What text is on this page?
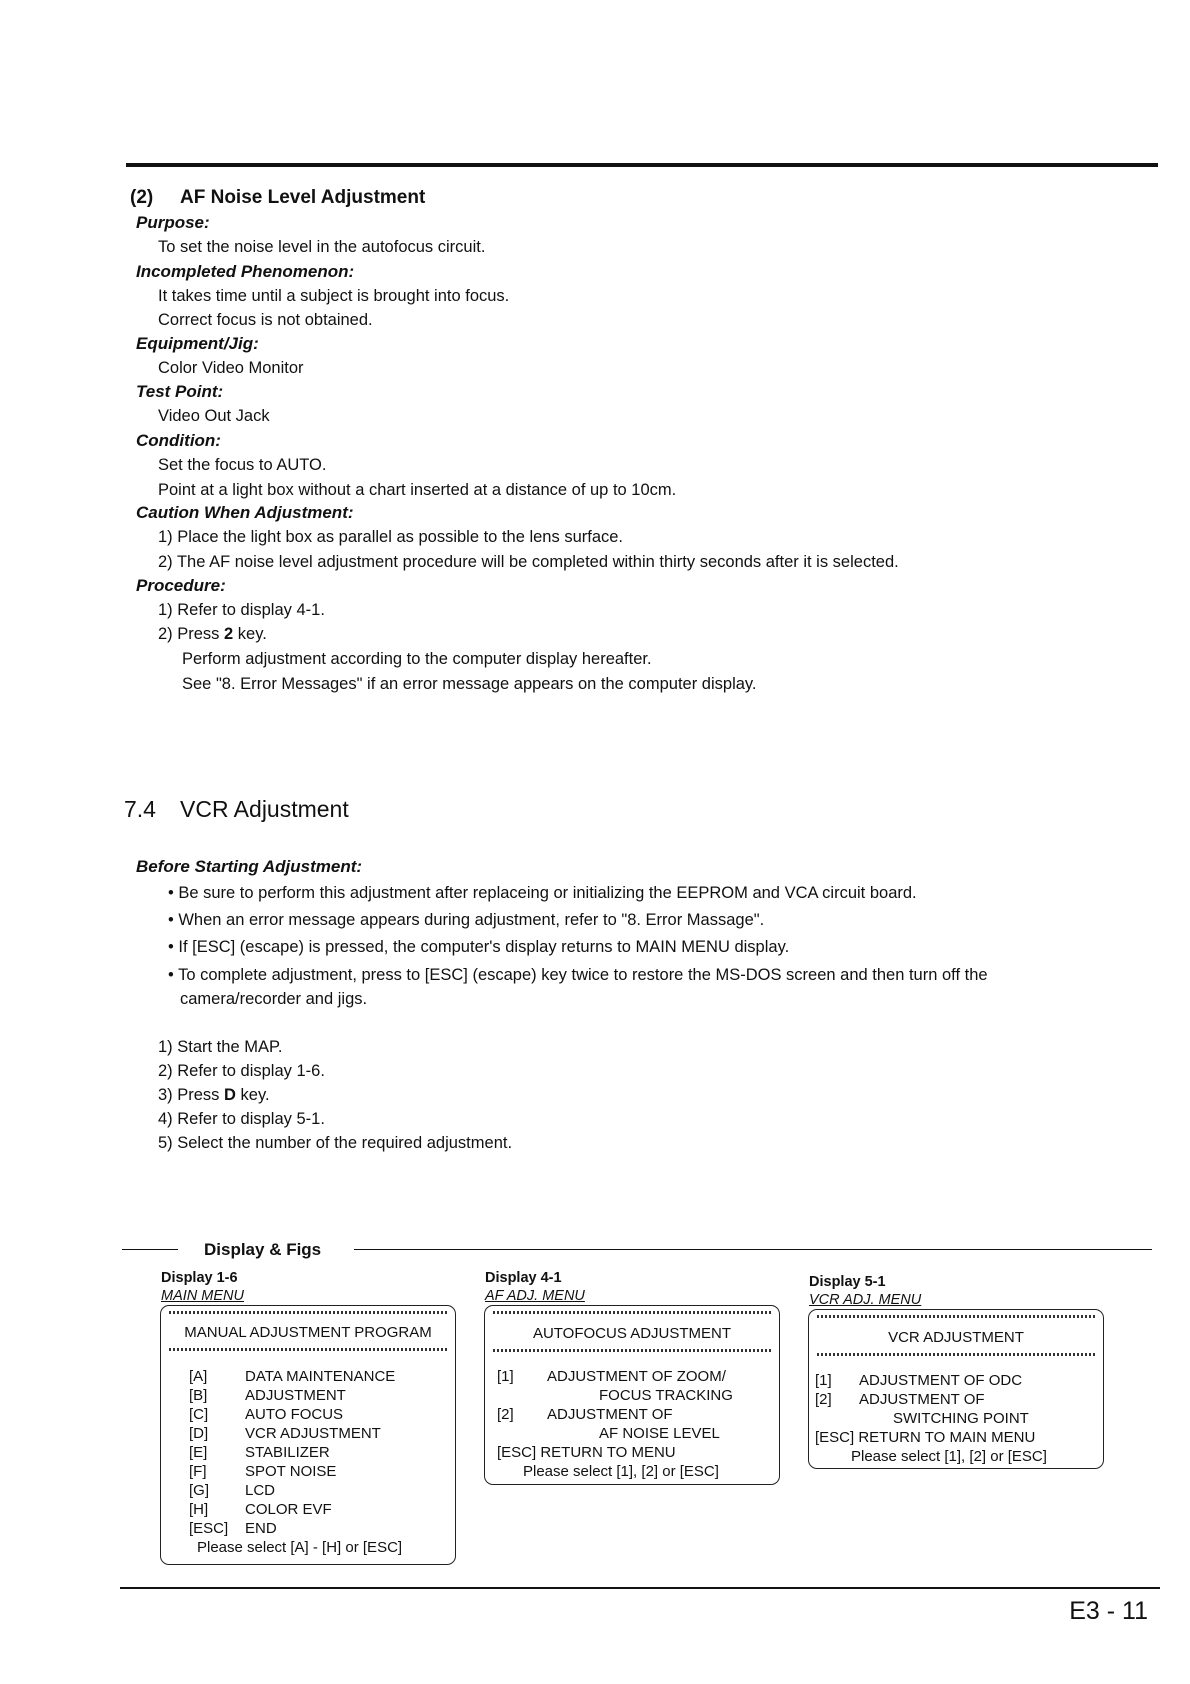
(2) AF Noise Level Adjustment
Purpose:
To set the noise level in the autofocus circuit.
Incompleted Phenomenon:
It takes time until a subject is brought into focus.
Correct focus is not obtained.
Equipment/Jig:
Color Video Monitor
Test Point:
Video Out Jack
Condition:
Set the focus to AUTO.
Point at a light box without a chart inserted at a distance of up to 10cm.
Caution When Adjustment:
1) Place the light box as parallel as possible to the lens surface.
2) The AF noise level adjustment procedure will be completed within thirty seconds after it is selected.
Procedure:
1) Refer to display 4-1.
2) Press 2 key.
Perform adjustment according to the computer display hereafter.
See "8. Error Messages" if an error message appears on the computer display.
7.4 VCR Adjustment
Before Starting Adjustment:
• Be sure to perform this adjustment after replaceing or initializing the EEPROM and VCA circuit board.
• When an error message appears during adjustment, refer to "8. Error Massage".
• If [ESC] (escape) is pressed, the computer's display returns to MAIN MENU display.
• To complete adjustment, press to [ESC] (escape) key twice to restore the MS-DOS screen and then turn off the
camera/recorder and jigs.
1) Start the MAP.
2) Refer to display 1-6.
3) Press D key.
4) Refer to display 5-1.
5) Select the number of the required adjustment.
Display & Figs
Display 1-6
MAIN MENU
MANUAL ADJUSTMENT PROGRAM
[A]	DATA MAINTENANCE
[B]	ADJUSTMENT
[C] AUTO FOCUS
[D] VCR ADJUSTMENT
[E]	STABILIZER
[F]	SPOT NOISE
[G] LCD
[H] COLOR EVF
[ESC] END
Please select [A] - [H] or [ESC]
Display 4-1
AF ADJ. MENU
AUTOFOCUS ADJUSTMENT
[1] ADJUSTMENT OF ZOOM/
FOCUS TRACKING
[2] ADJUSTMENT OF
AF NOISE LEVEL
[ESC] RETURN TO MENU
Please select [1], [2] or [ESC]
Display 5-1
VCR ADJ. MENU
VCR ADJUSTMENT
[1] ADJUSTMENT OF ODC
[2] ADJUSTMENT OF
SWITCHING POINT
[ESC] RETURN TO MAIN MENU
Please select [1], [2] or [ESC]
E3 - 11
